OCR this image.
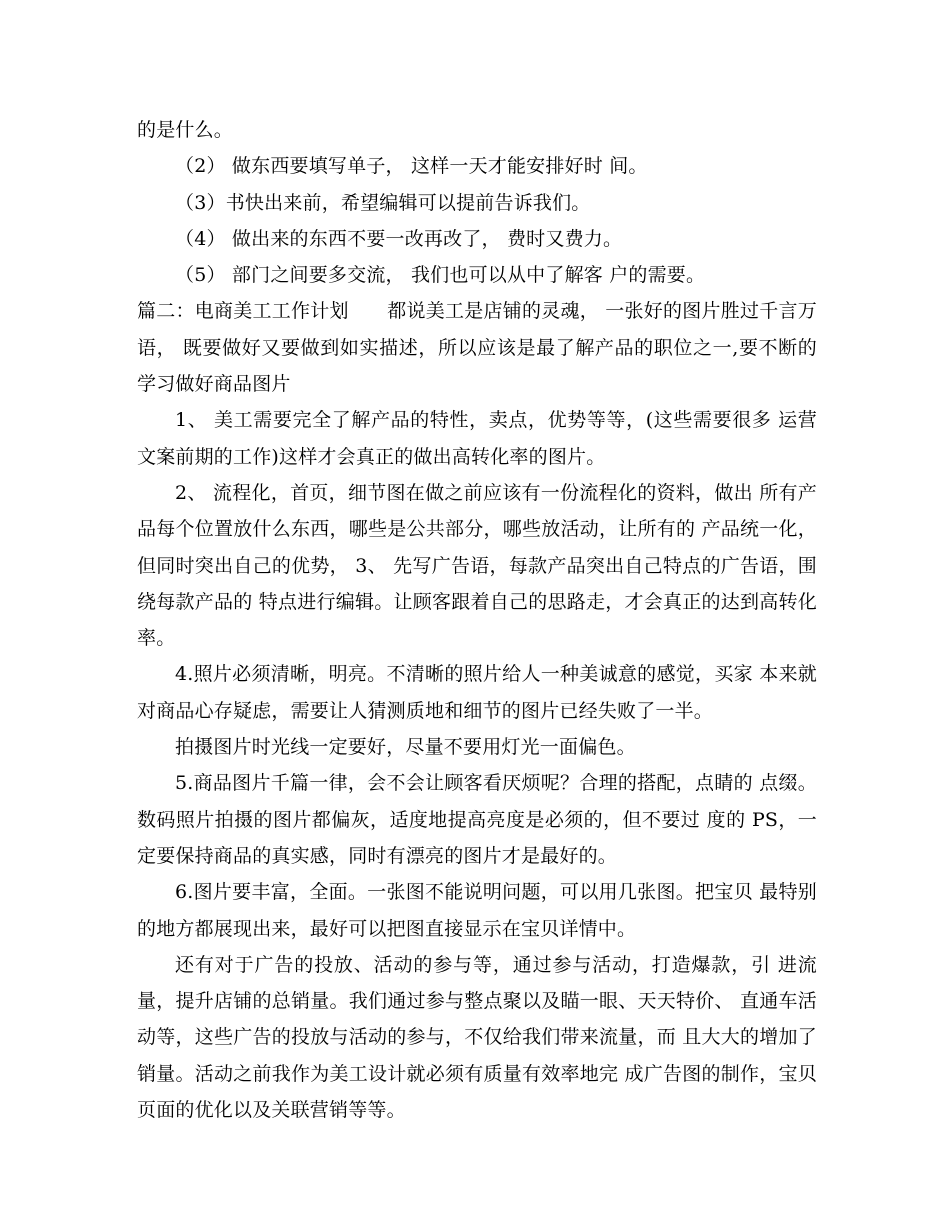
的是什么。

（2） 做东西要填写单子， 这样一天才能安排好时 间。

（3）书快出来前，希望编辑可以提前告诉我们。

（4） 做出来的东西不要一改再改了， 费时又费力。

（5） 部门之间要多交流， 我们也可以从中了解客 户的需要。

篇二：电商美工工作计划　　都说美工是店铺的灵魂， 一张好的图片胜过千言万语， 既要做好又要做到如实描述，所以应该是最了解产品的职位之一,要不断的学习做好商品图片

1、 美工需要完全了解产品的特性，卖点，优势等等，(这些需要很多 运营文案前期的工作)这样才会真正的做出高转化率的图片。

2、 流程化，首页，细节图在做之前应该有一份流程化的资料，做出 所有产品每个位置放什么东西，哪些是公共部分，哪些放活动，让所有的 产品统一化，但同时突出自己的优势， 3、 先写广告语，每款产品突出自己特点的广告语，围绕每款产品的 特点进行编辑。让顾客跟着自己的思路走，才会真正的达到高转化率。

4.照片必须清晰，明亮。不清晰的照片给人一种美诚意的感觉，买家 本来就对商品心存疑虑，需要让人猜测质地和细节的图片已经失败了一半。

拍摄图片时光线一定要好，尽量不要用灯光一面偏色。

5.商品图片千篇一律，会不会让顾客看厌烦呢？合理的搭配，点睛的 点缀。数码照片拍摄的图片都偏灰，适度地提高亮度是必须的，但不要过 度的 PS，一定要保持商品的真实感，同时有漂亮的图片才是最好的。

6.图片要丰富，全面。一张图不能说明问题，可以用几张图。把宝贝 最特别的地方都展现出来，最好可以把图直接显示在宝贝详情中。

还有对于广告的投放、活动的参与等，通过参与活动，打造爆款，引 进流量，提升店铺的总销量。我们通过参与整点聚以及瞄一眼、天天特价、 直通车活动等，这些广告的投放与活动的参与，不仅给我们带来流量，而 且大大的增加了销量。活动之前我作为美工设计就必须有质量有效率地完 成广告图的制作，宝贝页面的优化以及关联营销等等。
